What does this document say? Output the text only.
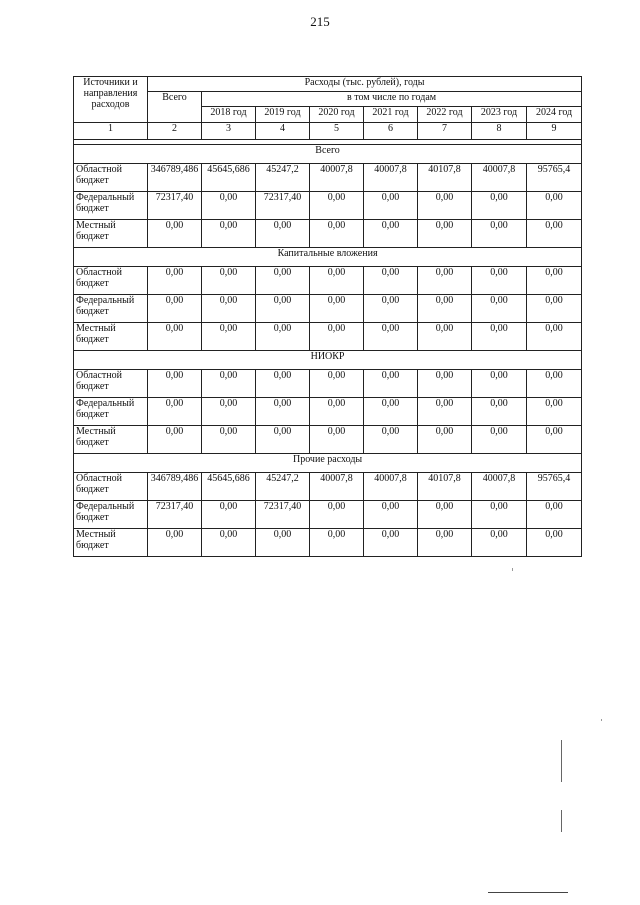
215
Источники и направления расходов	Расходы (тыс. рублей), годы							
	Всего	в том числе по годам						
		2018 год	2019 год	2020 год	2021 год	2022 год	2023 год	2024 год
1	2	3	4	5	6	7	8	9

Всего								
Областной бюджет	346789,486	45645,686	45247,2	40007,8	40007,8	40107,8	40007,8	95765,4
Федеральный бюджет	72317,40	0,00	72317,40	0,00	0,00	0,00	0,00	0,00
Местный бюджет	0,00	0,00	0,00	0,00	0,00	0,00	0,00	0,00
Капитальные вложения								
Областной бюджет	0,00	0,00	0,00	0,00	0,00	0,00	0,00	0,00
Федеральный бюджет	0,00	0,00	0,00	0,00	0,00	0,00	0,00	0,00
Местный бюджет	0,00	0,00	0,00	0,00	0,00	0,00	0,00	0,00
НИОКР								
Областной бюджет	0,00	0,00	0,00	0,00	0,00	0,00	0,00	0,00
Федеральный бюджет	0,00	0,00	0,00	0,00	0,00	0,00	0,00	0,00
Местный бюджет	0,00	0,00	0,00	0,00	0,00	0,00	0,00	0,00
Прочие расходы								
Областной бюджет	346789,486	45645,686	45247,2	40007,8	40007,8	40107,8	40007,8	95765,4
Федеральный бюджет	72317,40	0,00	72317,40	0,00	0,00	0,00	0,00	0,00
Местный бюджет	0,00	0,00	0,00	0,00	0,00	0,00	0,00	0,00
